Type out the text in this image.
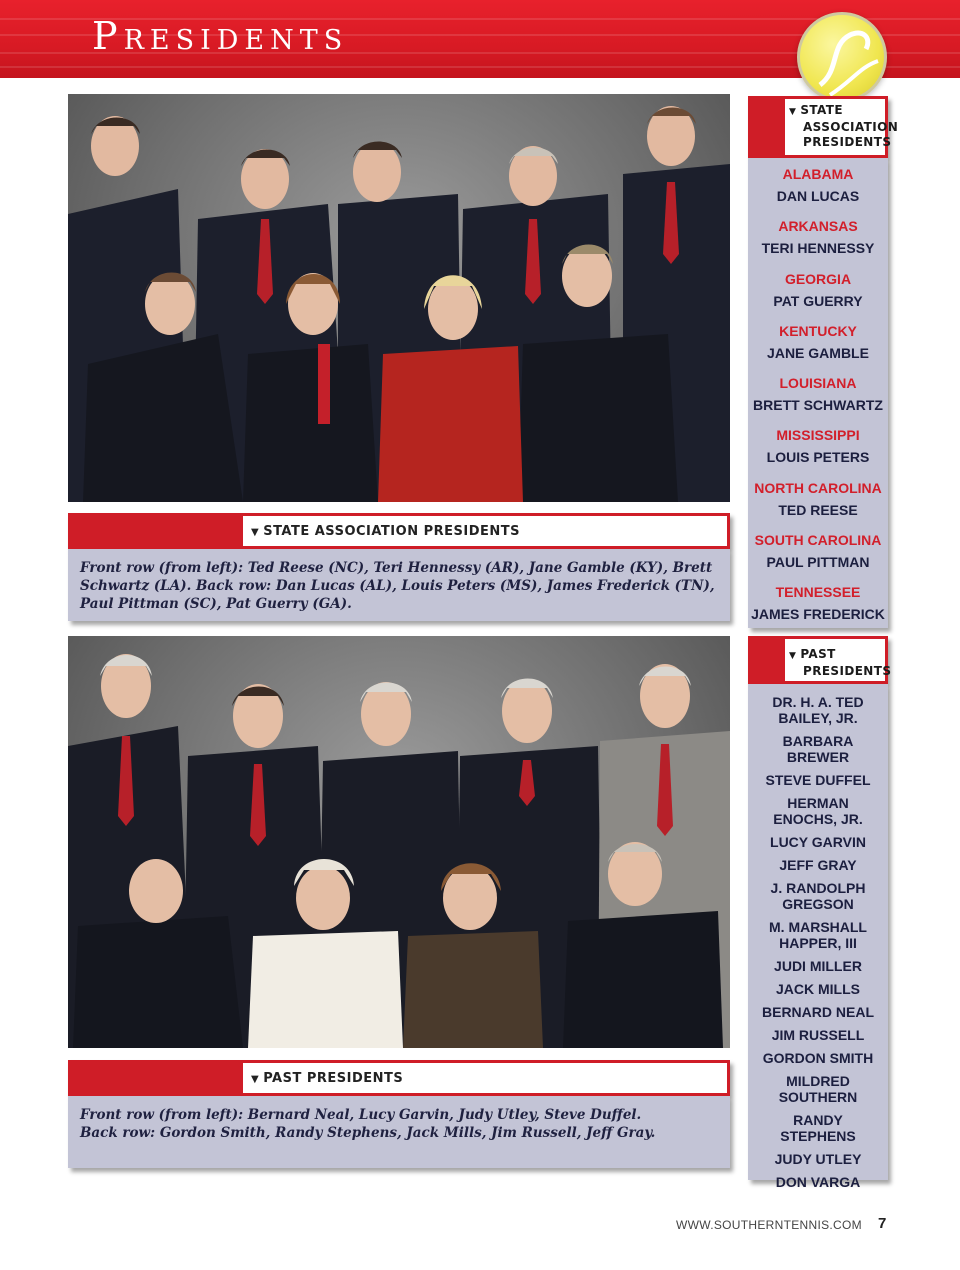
Presidents
▼ STATE ASSOCIATION PRESIDENTS

Front row (from left): Ted Reese (NC), Teri Hennessy (AR), Jane Gamble (KY), Brett Schwartz (LA). Back row: Dan Lucas (AL), Louis Peters (MS), James Frederick (TN), Paul Pittman (SC), Pat Guerry (GA).

▼ PAST PRESIDENTS

Front row (from left): Bernard Neal, Lucy Garvin, Judy Utley, Steve Duffel.

Back row: Gordon Smith, Randy Stephens, Jack Mills, Jim Russell, Jeff Gray.

▼ STATE
ASSOCIATION
PRESIDENTS
ALABAMA
DAN LUCAS
ARKANSAS
TERI HENNESSY
GEORGIA
PAT GUERRY
KENTUCKY
JANE GAMBLE
LOUISIANA
BRETT SCHWARTZ
MISSISSIPPI
LOUIS PETERS
NORTH CAROLINA
TED REESE
SOUTH CAROLINA
PAUL PITTMAN
TENNESSEE
JAMES FREDERICK
▼ PAST
PRESIDENTS
DR. H. A. TED BAILEY, JR.
BARBARA BREWER
STEVE DUFFEL
HERMAN ENOCHS, JR.
LUCY GARVIN
JEFF GRAY
J. RANDOLPH GREGSON
M. MARSHALL HAPPER, III
JUDI MILLER
JACK MILLS
BERNARD NEAL
JIM RUSSELL
GORDON SMITH
MILDRED SOUTHERN
RANDY STEPHENS
JUDY UTLEY
DON VARGA
WWW.SOUTHERNTENNIS.COM 7
